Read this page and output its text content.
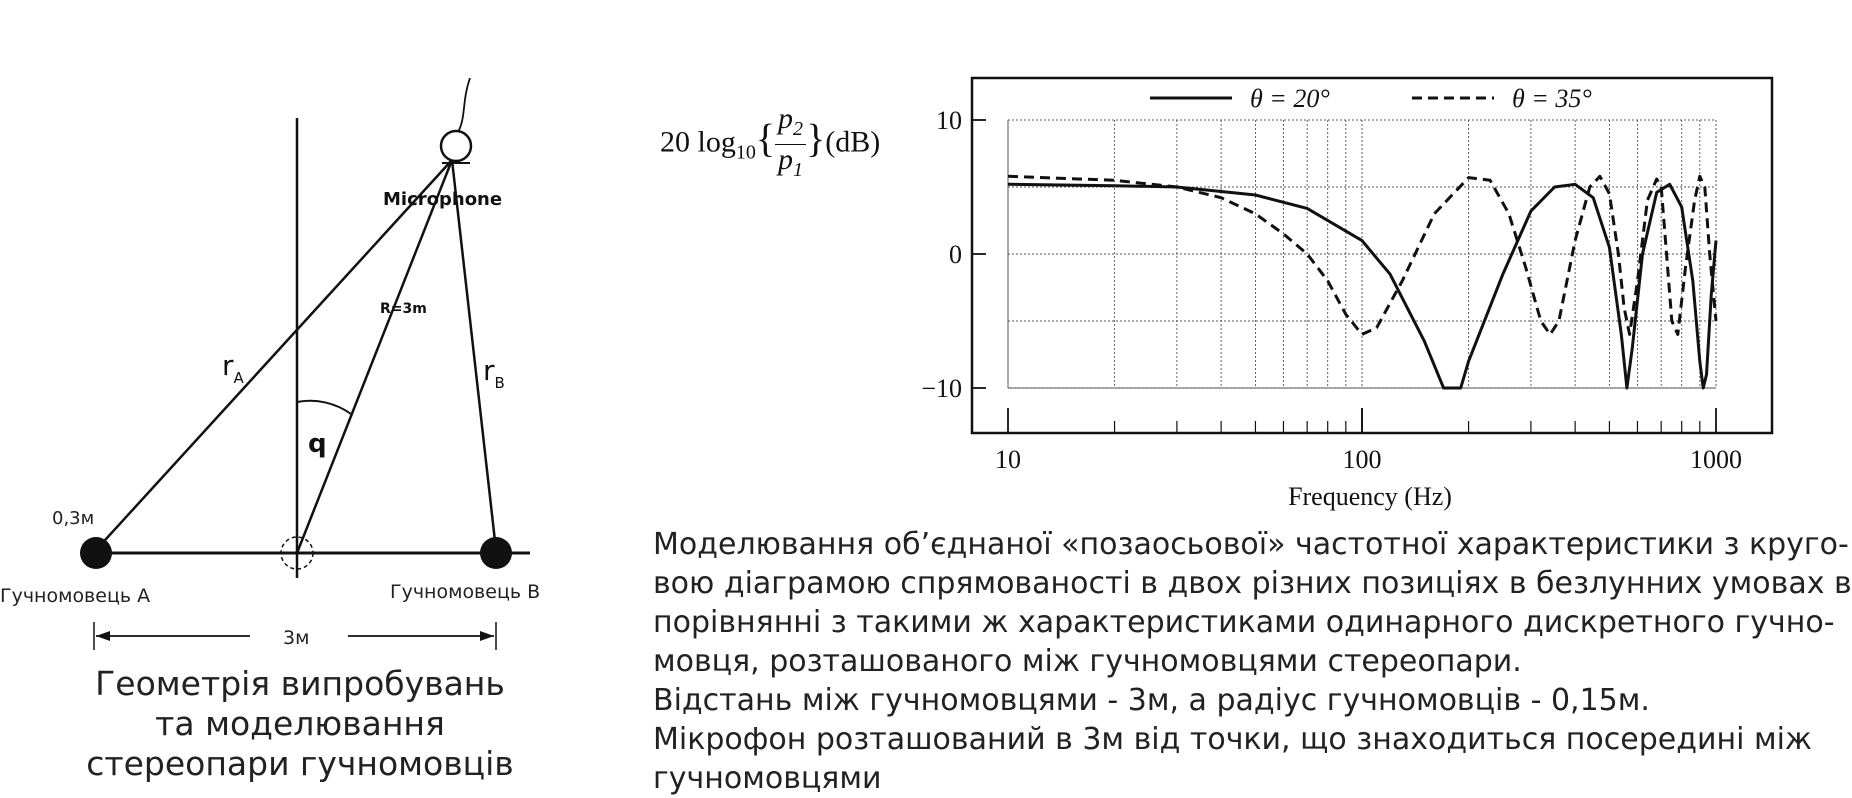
Microphone
R=3m
$r_A$	$r_B$
q
0,3м
Гучномовець A	Гучномовець B
3м
Геометрія випробувань
та моделювання
стереопари гучномовців
20 $\log_{10}\{ \frac{p_2}{p_1} \}(dB)$
10
0
−10
10	100	1000
θ = 20°	θ = 35°
Frequency (Hz)
Моделювання об’єднаної «позаосьової» частотної характеристики з круго-
вою діаграмою спрямованості в двох різних позиціях в безлунних умовах в
порівнянні з такими ж характеристиками одинарного дискретного гучно-
мовця, розташованого між гучномовцями стереопари.
Відстань між гучномовцями - 3м, а радіус гучномовців - 0,15м.
Мікрофон розташований в 3м від точки, що знаходиться посередині між
гучномовцями
